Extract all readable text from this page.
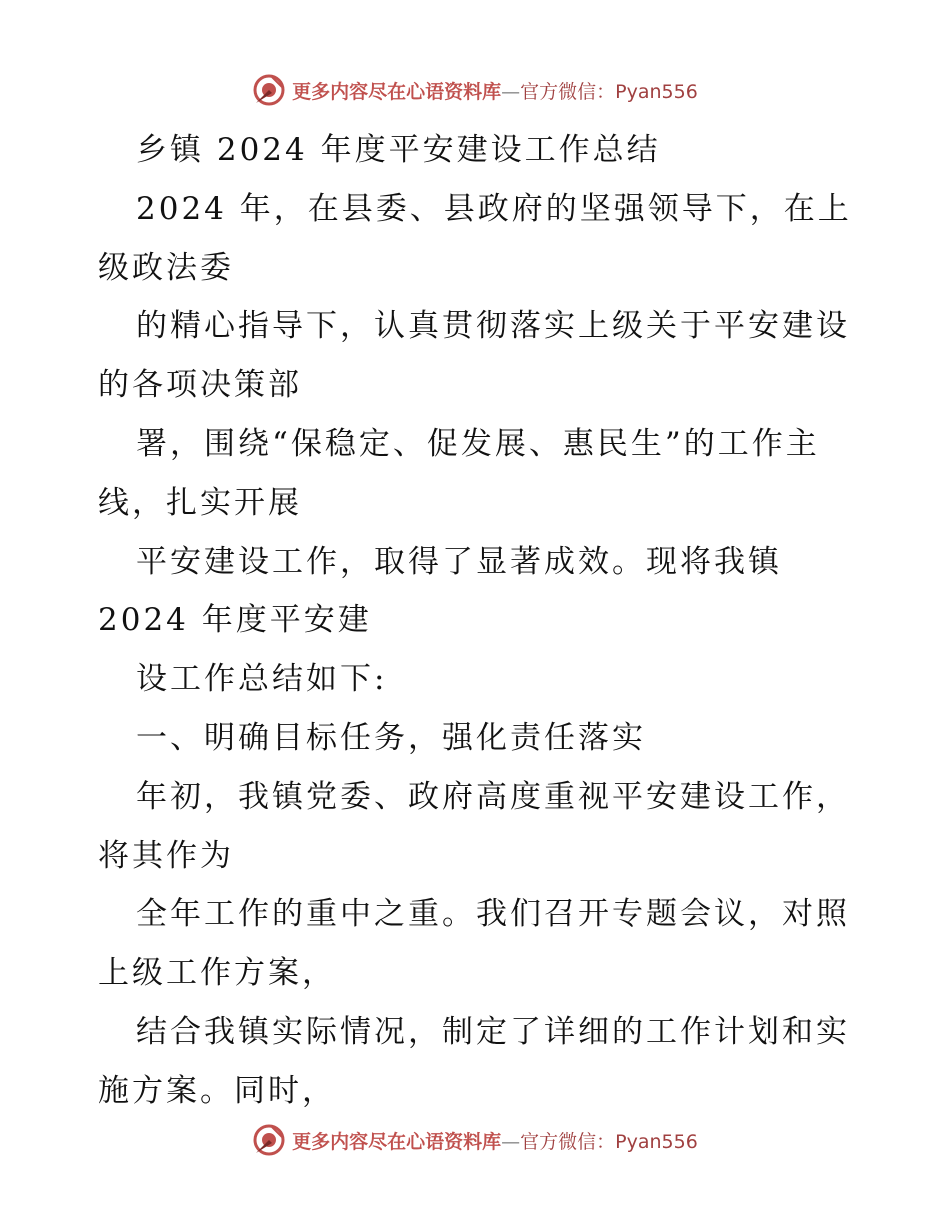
更多内容尽在心语资料库—官方微信：Pyan556
乡镇 2024 年度平安建设工作总结
2024 年，在县委、县政府的坚强领导下，在上
级政法委
的精心指导下，认真贯彻落实上级关于平安建设
的各项决策部
署，围绕“保稳定、促发展、惠民生”的工作主
线，扎实开展
平安建设工作，取得了显著成效。现将我镇
2024 年度平安建
设工作总结如下:
一、明确目标任务，强化责任落实
年初，我镇党委、政府高度重视平安建设工作，
将其作为
全年工作的重中之重。我们召开专题会议，对照
上级工作方案，
结合我镇实际情况，制定了详细的工作计划和实
施方案。同时，
更多内容尽在心语资料库—官方微信：Pyan556
